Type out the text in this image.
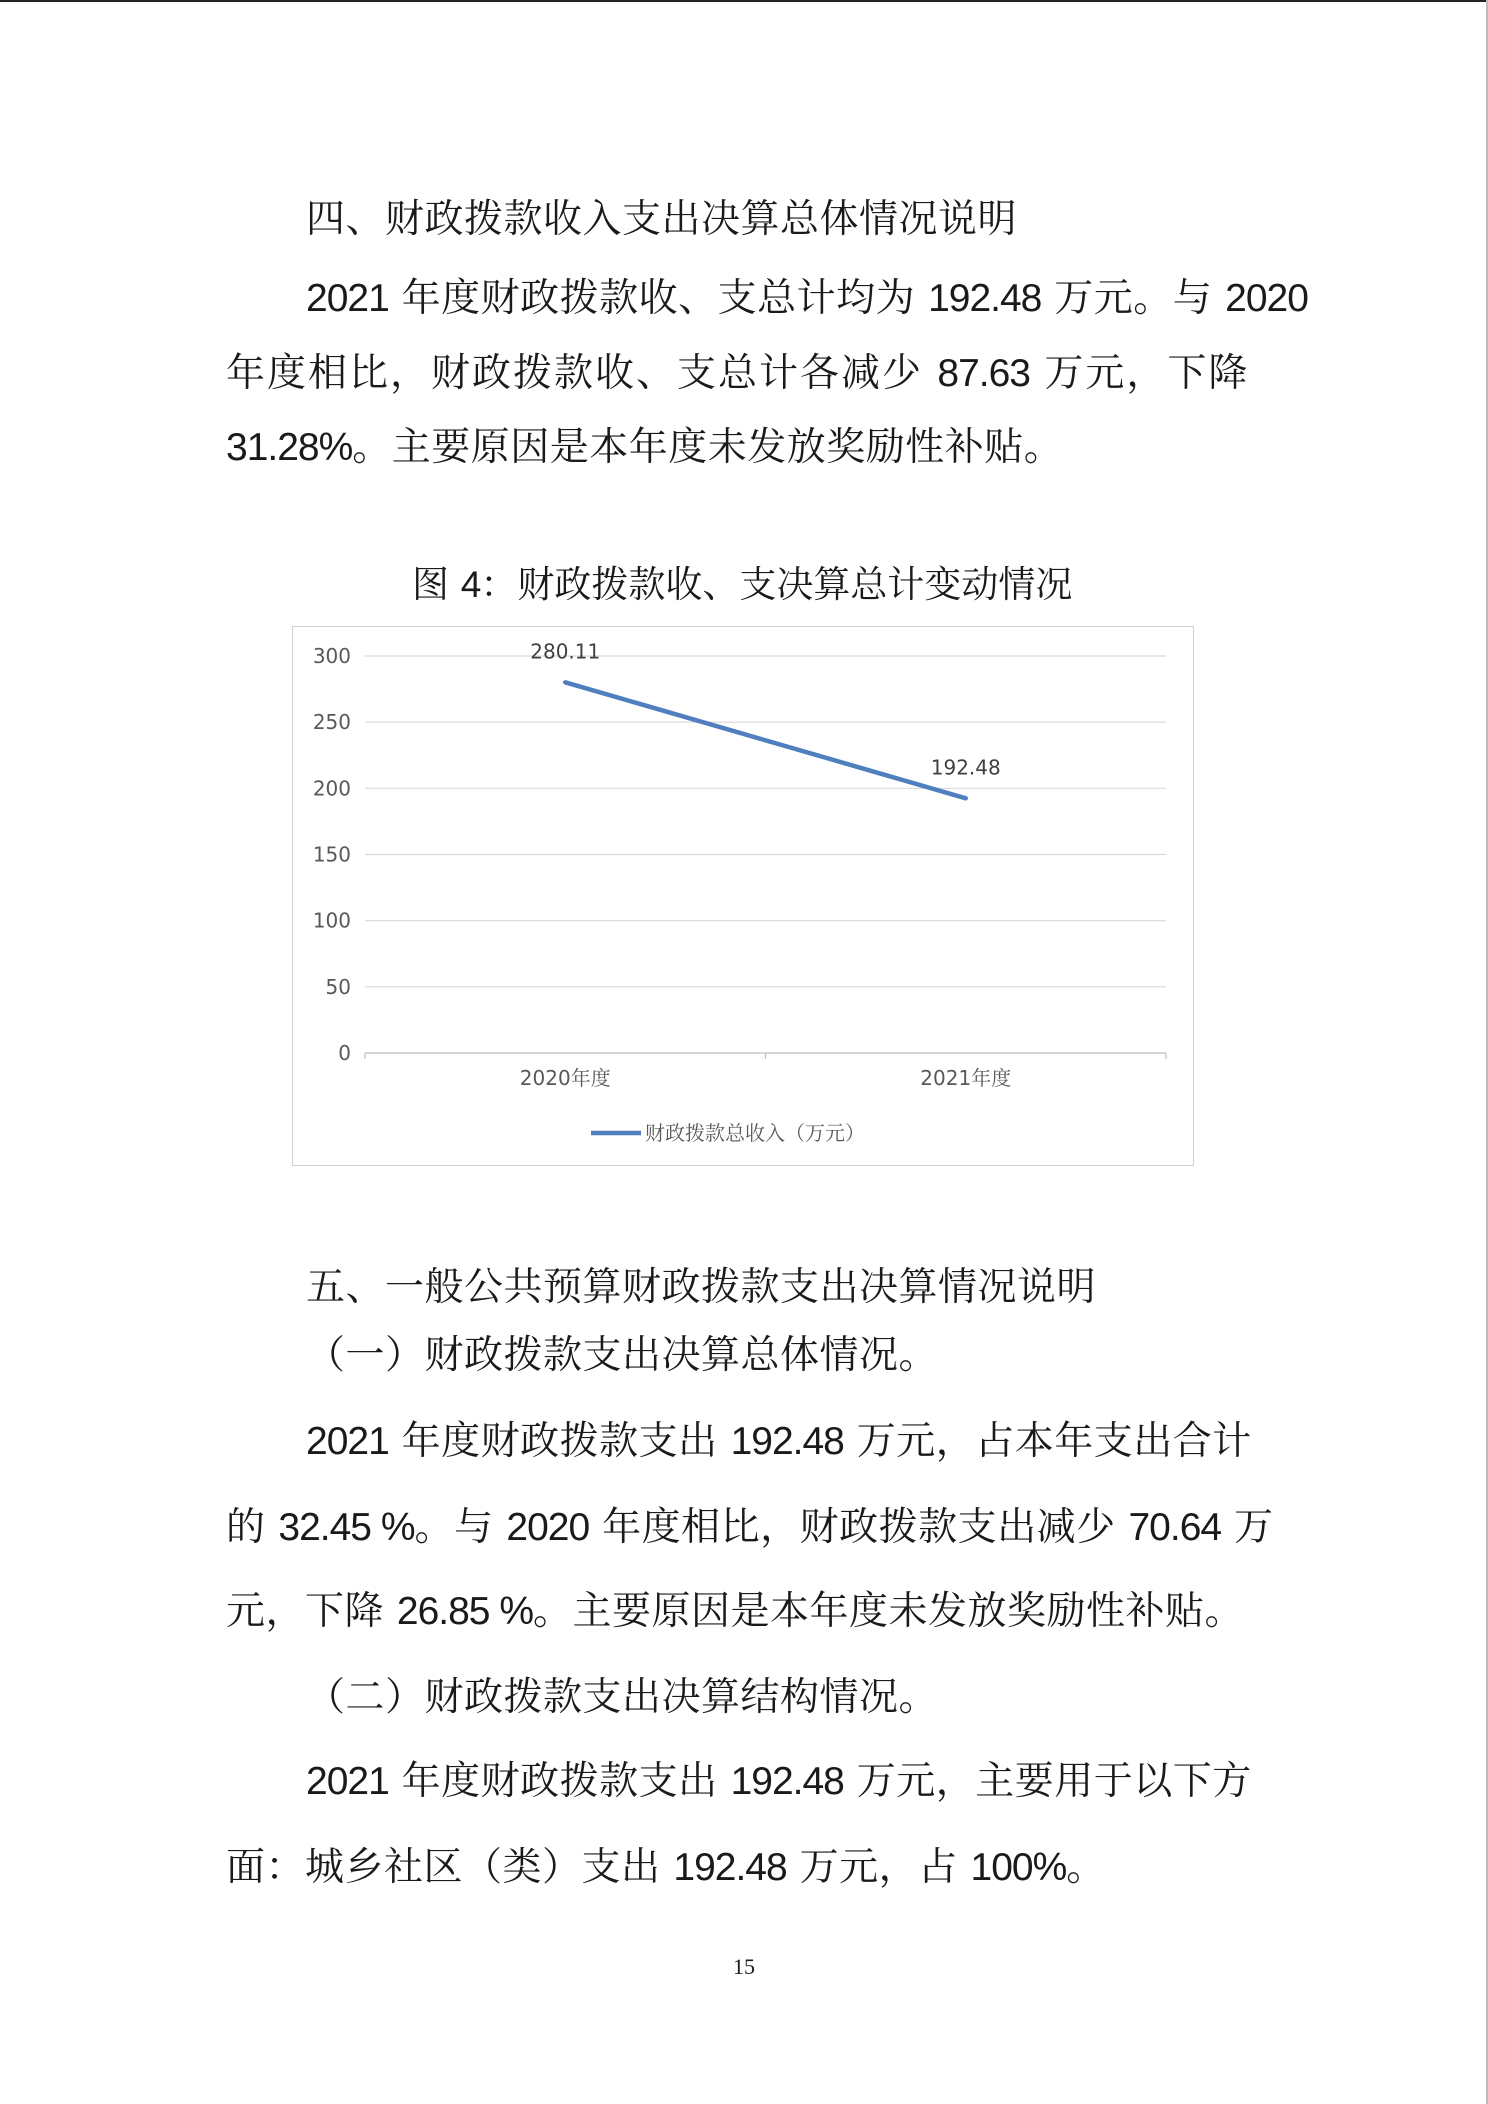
四、财政拨款收入支出决算总体情况说明
2021 年度财政拨款收、支总计均为 192.48 万元。与 2020
年度相比，财政拨款收、支总计各减少 87.63 万元，下降
31.28%。主要原因是本年度未发放奖励性补贴。
图 4：财政拨款收、支决算总计变动情况
0
50
100
150
200
250
300
2020年度	2021年度
280.11
192.48
财政拨款总收入（万元）
五、一般公共预算财政拨款支出决算情况说明
（一）财政拨款支出决算总体情况。
2021 年度财政拨款支出 192.48 万元，占本年支出合计
的 32.45 %。与 2020 年度相比，财政拨款支出减少 70.64 万
元，下降 26.85 %。主要原因是本年度未发放奖励性补贴。
（二）财政拨款支出决算结构情况。
2021 年度财政拨款支出 192.48 万元，主要用于以下方
面：城乡社区（类）支出 192.48 万元，占 100%。
15
